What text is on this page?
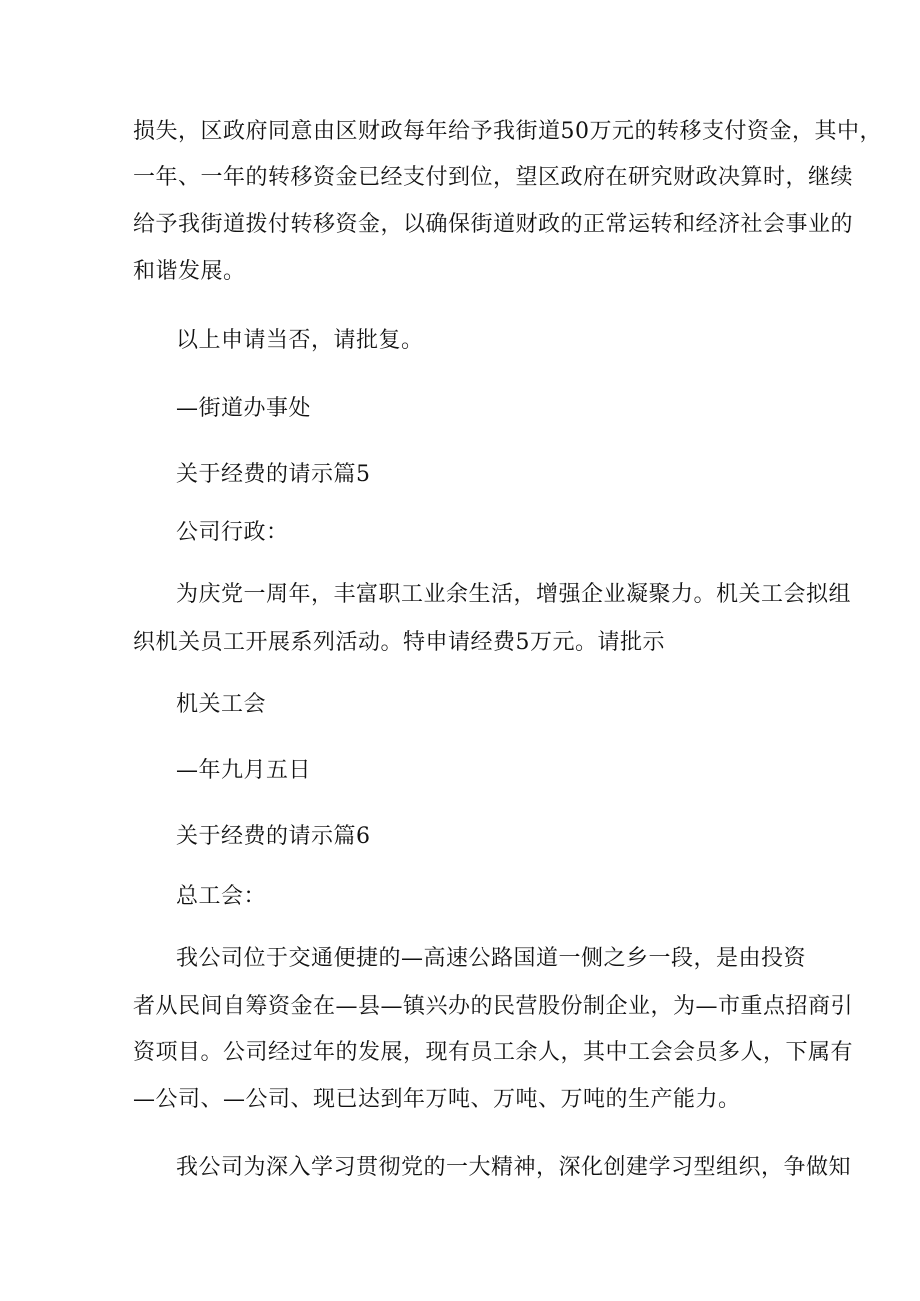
损失，区政府同意由区财政每年给予我街道50万元的转移支付资金，其中，
一年、一年的转移资金已经支付到位，望区政府在研究财政决算时，继续
给予我街道拨付转移资金，以确保街道财政的正常运转和经济社会事业的
和谐发展。
以上申请当否，请批复。
—街道办事处
关于经费的请示篇5
公司行政：
为庆党一周年，丰富职工业余生活，增强企业凝聚力。机关工会拟组
织机关员工开展系列活动。特申请经费5万元。请批示
机关工会
—年九月五日
关于经费的请示篇6
总工会：
我公司位于交通便捷的—高速公路国道一侧之乡一段，是由投资
者从民间自筹资金在—县—镇兴办的民营股份制企业，为—市重点招商引
资项目。公司经过年的发展，现有员工余人，其中工会会员多人，下属有
—公司、—公司、现已达到年万吨、万吨、万吨的生产能力。
我公司为深入学习贯彻党的一大精神，深化创建学习型组织，争做知
